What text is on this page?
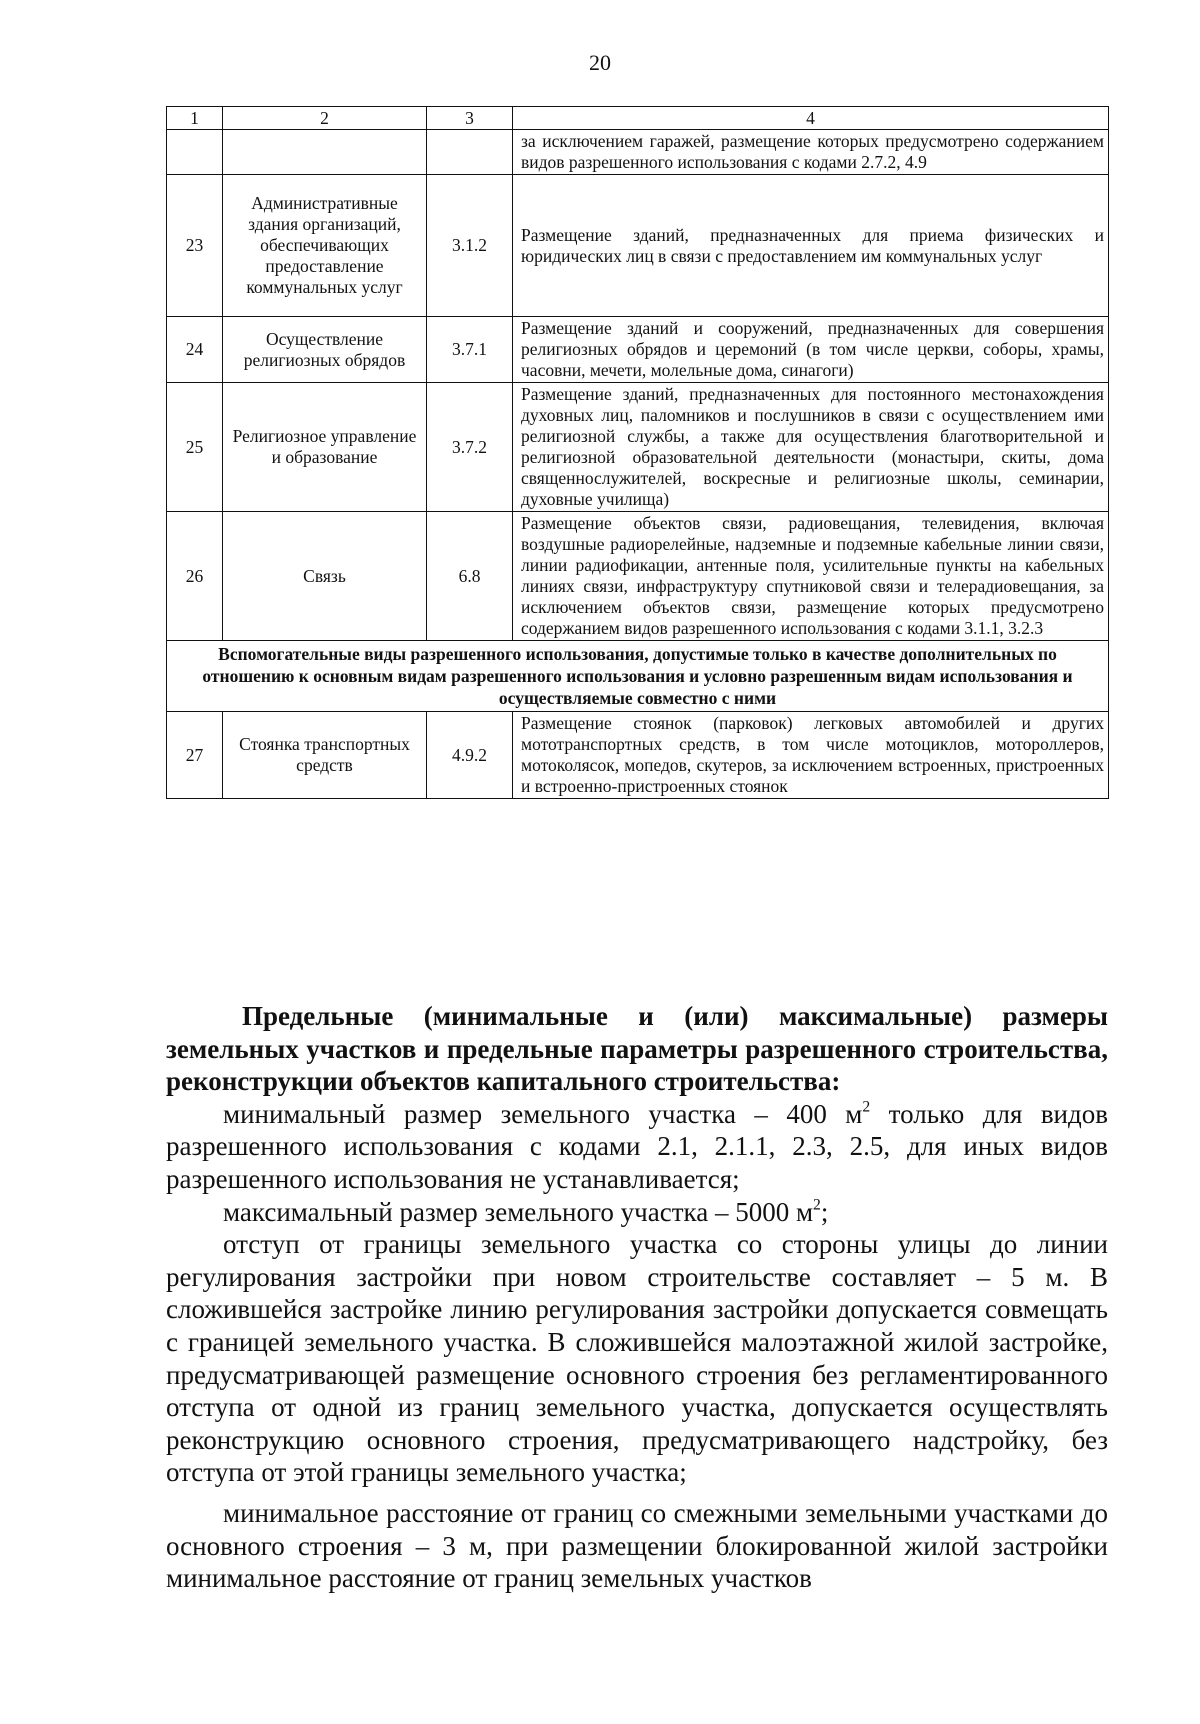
20
1	2	3	4
			за исключением гаражей, размещение которых предусмотрено содержанием видов разрешенного использования с кодами 2.7.2, 4.9
23	Административные здания организаций, обеспечивающих предоставление коммунальных услуг	3.1.2	Размещение зданий, предназначенных для приема физических и юридических лиц в связи с предоставлением им коммунальных услуг
24	Осуществление религиозных обрядов	3.7.1	Размещение зданий и сооружений, предназначенных для совершения религиозных обрядов и церемоний (в том числе церкви, соборы, храмы, часовни, мечети, молельные дома, синагоги)
25	Религиозное управление и образование	3.7.2	Размещение зданий, предназначенных для постоянного местонахождения духовных лиц, паломников и послушников в связи с осуществлением ими религиозной службы, а также для осуществления благотворительной и религиозной образовательной деятельности (монастыри, скиты, дома священнослужителей, воскресные и религиозные школы, семинарии, духовные училища)
26	Связь	6.8	Размещение объектов связи, радиовещания, телевидения, включая воздушные радиорелейные, надземные и подземные кабельные линии связи, линии радиофикации, антенные поля, усилительные пункты на кабельных линиях связи, инфраструктуру спутниковой связи и телерадиовещания, за исключением объектов связи, размещение которых предусмотрено содержанием видов разрешенного использования с кодами 3.1.1, 3.2.3
Вспомогательные виды разрешенного использования, допустимые только в качестве дополнительных по отношению к основным видам разрешенного использования и условно разрешенным видам использования и осуществляемые совместно с ними			
27	Стоянка транспортных средств	4.9.2	Размещение стоянок (парковок) легковых автомобилей и других мототранспортных средств, в том числе мотоциклов, мотороллеров, мотоколясок, мопедов, скутеров, за исключением встроенных, пристроенных и встроенно-пристроенных стоянок

Предельные (минимальные и (или) максимальные) размеры земельных участков и предельные параметры разрешенного строительства, реконструкции объектов капитального строительства:

минимальный размер земельного участка – 400 $м^2$ только для видов разрешенного использования с кодами 2.1, 2.1.1, 2.3, 2.5, для иных видов разрешенного использования не устанавливается;

максимальный размер земельного участка – 5000 $м^2$;

отступ от границы земельного участка со стороны улицы до линии регулирования застройки при новом строительстве составляет – 5 м. В сложившейся застройке линию регулирования застройки допускается совмещать с границей земельного участка. В сложившейся малоэтажной жилой застройке, предусматривающей размещение основного строения без регламентированного отступа от одной из границ земельного участка, допускается осуществлять реконструкцию основного строения, предусматривающего надстройку, без отступа от этой границы земельного участка;

минимальное расстояние от границ со смежными земельными участками до основного строения – 3 м, при размещении блокированной жилой застройки минимальное расстояние от границ земельных участков
